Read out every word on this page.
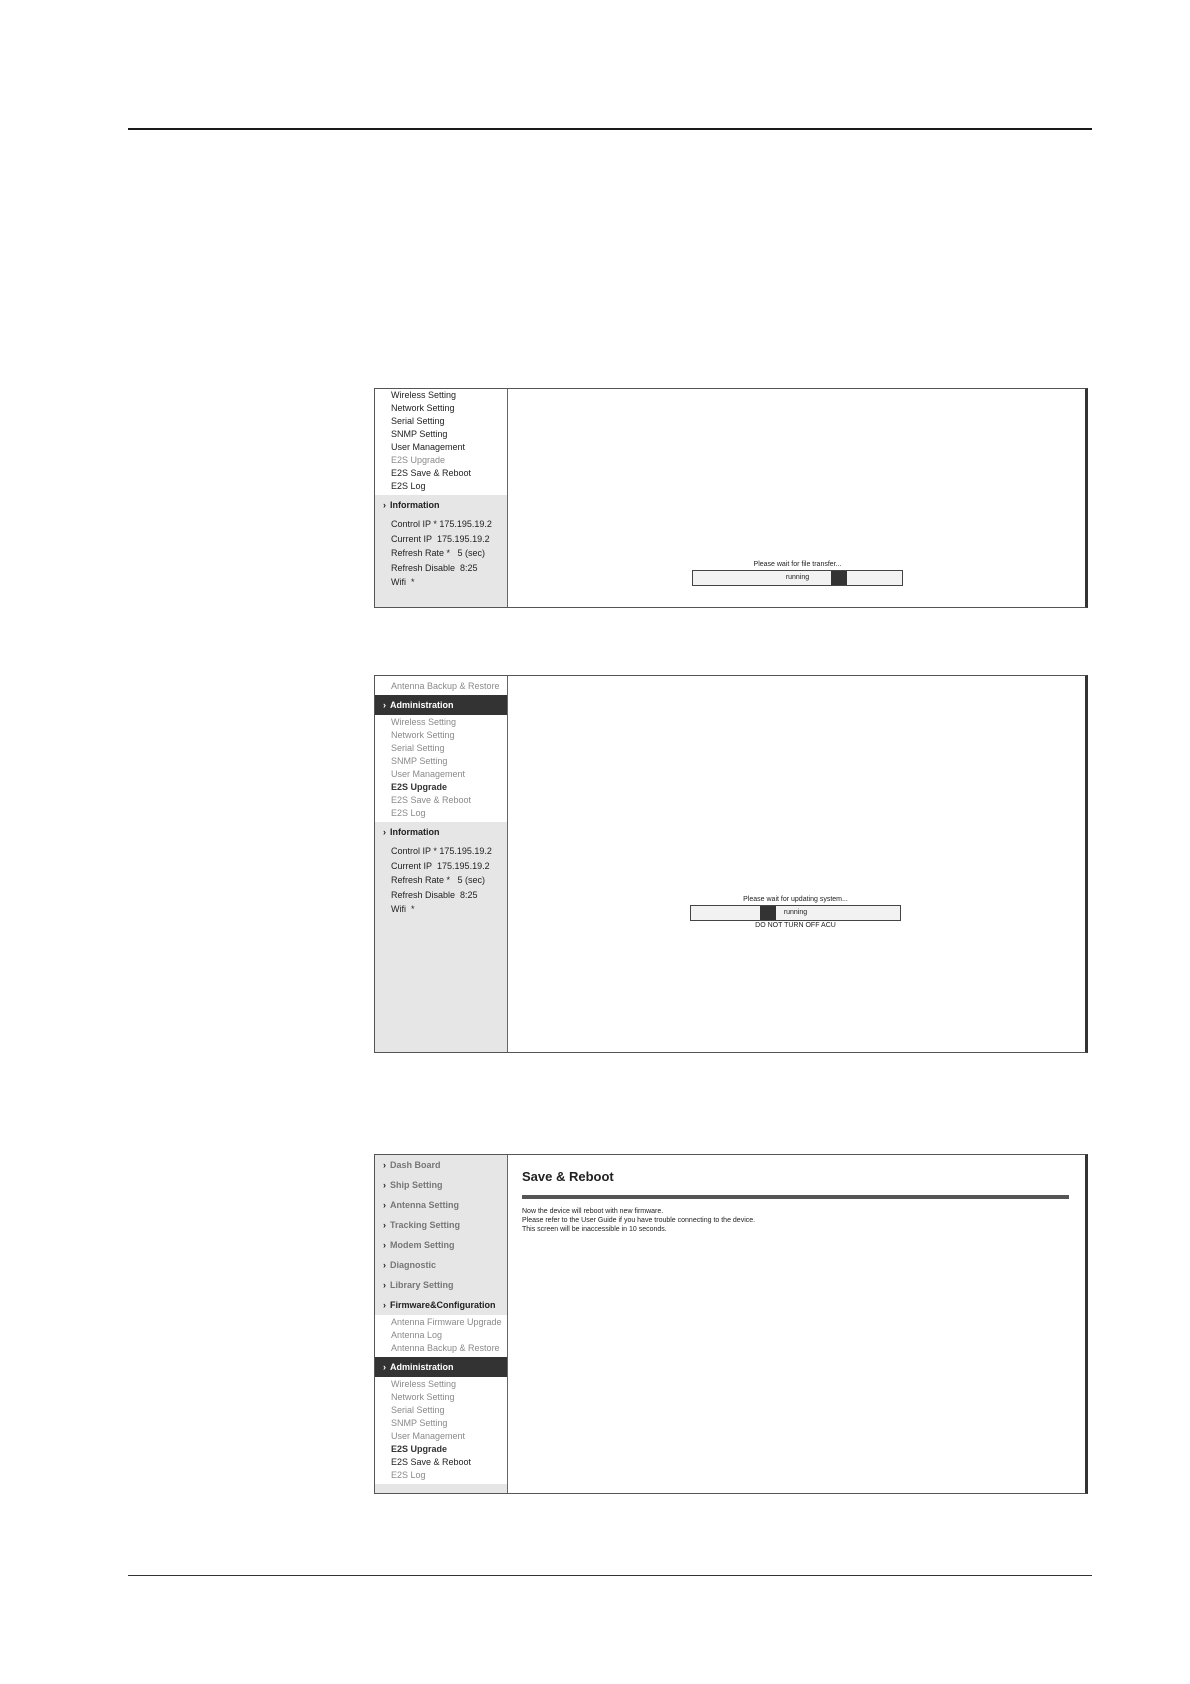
Wireless Setting
Network Setting
Serial Setting
SNMP Setting
User Management
E2S Upgrade
E2S Save & Reboot
E2S Log
› Information
Control IP * 175.195.19.2
Current IP 175.195.19.2
Refresh Rate * 5 (sec)
Refresh Disable 8:25
Wifi *
Please wait for file transfer...
running
Antenna Backup & Restore
› Administration
Wireless Setting
Network Setting
Serial Setting
SNMP Setting
User Management
E2S Upgrade
E2S Save & Reboot
E2S Log
› Information
Control IP * 175.195.19.2
Current IP 175.195.19.2
Refresh Rate * 5 (sec)
Refresh Disable 8:25
Wifi *
Please wait for updating system...
running
DO NOT TURN OFF ACU
› Dash Board
› Ship Setting
› Antenna Setting
› Tracking Setting
› Modem Setting
› Diagnostic
› Library Setting
› Firmware&Configuration
Antenna Firmware Upgrade
Antenna Log
Antenna Backup & Restore
› Administration
Wireless Setting
Network Setting
Serial Setting
SNMP Setting
User Management
E2S Upgrade
E2S Save & Reboot
E2S Log
Save & Reboot
Now the device will reboot with new firmware.
Please refer to the User Guide if you have trouble connecting to the device.
This screen will be inaccessible in 10 seconds.
